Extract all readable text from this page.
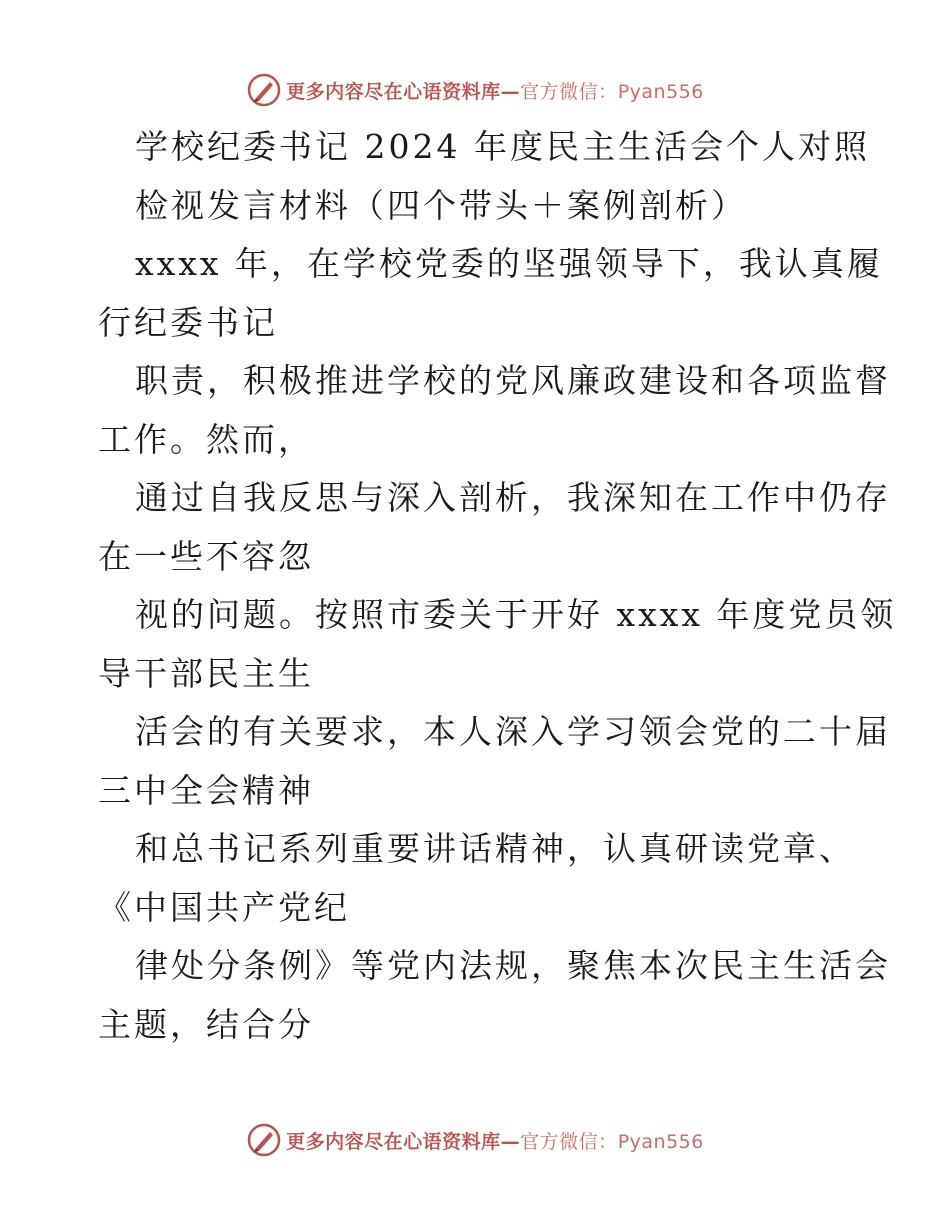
更多内容尽在心语资料库—官方微信：Pyan556
学校纪委书记 2024 年度民主生活会个人对照
检视发言材料（四个带头＋案例剖析）
xxxx 年，在学校党委的坚强领导下，我认真履
行纪委书记
职责，积极推进学校的党风廉政建设和各项监督
工作。然而，
通过自我反思与深入剖析，我深知在工作中仍存
在一些不容忽
视的问题。按照市委关于开好 xxxx 年度党员领
导干部民主生
活会的有关要求，本人深入学习领会党的二十届
三中全会精神
和总书记系列重要讲话精神，认真研读党章、
《中国共产党纪
律处分条例》等党内法规，聚焦本次民主生活会
主题，结合分
更多内容尽在心语资料库—官方微信：Pyan556
